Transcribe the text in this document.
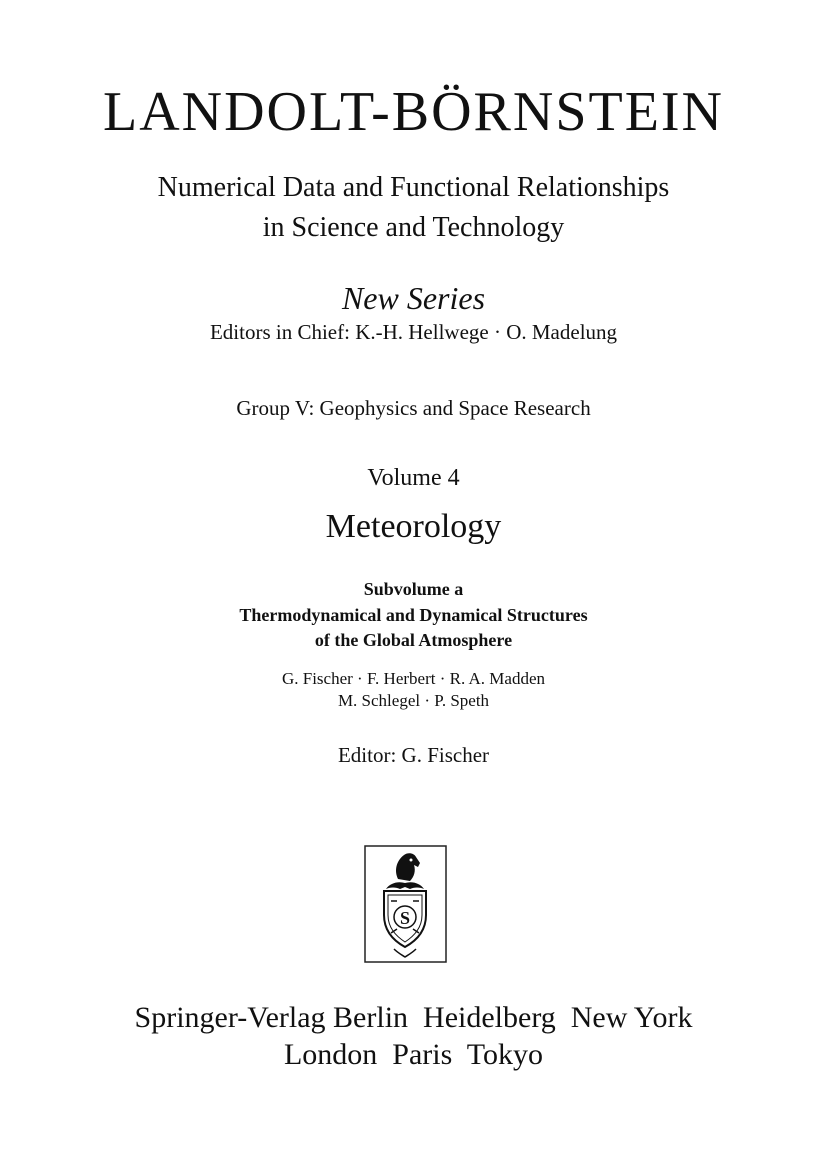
LANDOLT-BÖRNSTEIN
Numerical Data and Functional Relationships
in Science and Technology
New Series
Editors in Chief: K.-H. Hellwege · O. Madelung
Group V: Geophysics and Space Research
Volume 4
Meteorology
Subvolume a
Thermodynamical and Dynamical Structures
of the Global Atmosphere
G. Fischer · F. Herbert · R. A. Madden
M. Schlegel · P. Speth
Editor: G. Fischer
S
Springer-Verlag Berlin  Heidelberg  New York
London  Paris  Tokyo
